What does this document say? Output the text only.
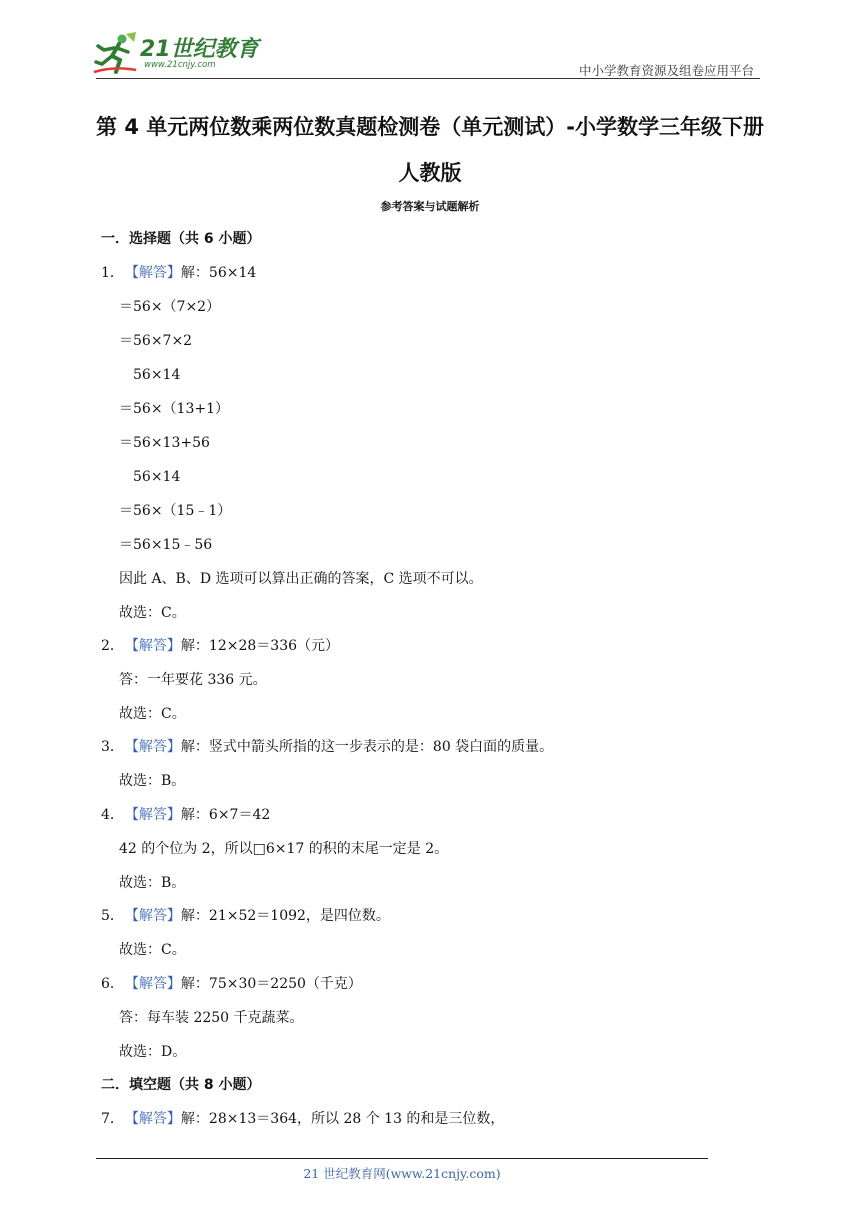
21世纪教育
www.21cnjy.com	中小学教育资源及组卷应用平台
第 4 单元两位数乘两位数真题检测卷（单元测试）-小学数学三年级下册人教版
参考答案与试题解析
一．选择题（共 6 小题）
1． 【解答】解：56×14
＝56×（7×2）
＝56×7×2
56×14
＝56×（13+1）
＝56×13+56
56×14
＝56×（15﹣1）
＝56×15﹣56
因此 A、B、D 选项可以算出正确的答案，C 选项不可以。
故选：C。
2． 【解答】解：12×28＝336（元）
答：一年要花 336 元。
故选：C。
3． 【解答】解：竖式中箭头所指的这一步表示的是：80 袋白面的质量。
故选：B。
4． 【解答】解：6×7＝42
42 的个位为 2，所以□6×17 的积的末尾一定是 2。
故选：B。
5． 【解答】解：21×52＝1092，是四位数。
故选：C。
6． 【解答】解：75×30＝2250（千克）
答：每车装 2250 千克蔬菜。
故选：D。
二．填空题（共 8 小题）
7． 【解答】解：28×13＝364，所以 28 个 13 的和是三位数，
21 世纪教育网(www.21cnjy.com)
